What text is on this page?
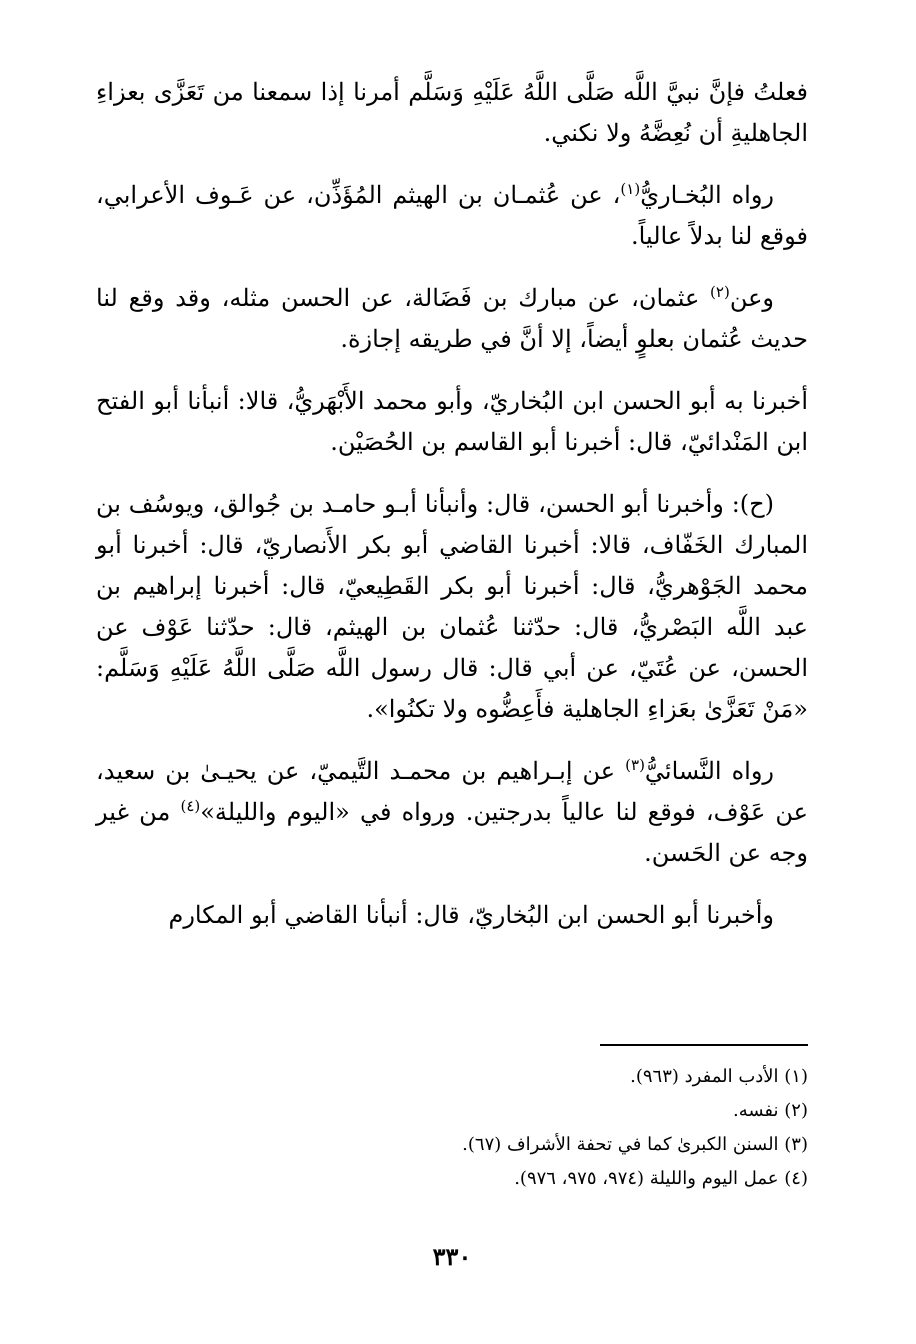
فعلتُ فإنَّ نبيَّ اللَّه صَلَّى اللَّهُ عَلَيْهِ وَسَلَّم أمرنا إذا سمعنا من تَعَزَّى بعزاءِ الجاهليةِ أن نُعِضَّهُ ولا نكني.

رواه البُخـاريُّ$^{(١)}$، عن عُثمـان بن الهيثم المُؤَذِّن، عن عَـوف الأعرابي، فوقع لنا بدلاً عالياً.

وعن$^{(٢)}$ عثمان، عن مبارك بن فَضَالة، عن الحسن مثله، وقد وقع لنا حديث عُثمان بعلوٍ أيضاً، إلا أنَّ في طريقه إجازة.

أخبرنا به أبو الحسن ابن البُخاريّ، وأبو محمد الأَبْهَريُّ، قالا: أنبأنا أبو الفتح ابن المَنْدائيّ، قال: أخبرنا أبو القاسم بن الحُصَيْن.

(ح): وأخبرنا أبو الحسن، قال: وأنبأنا أبـو حامـد بن جُوالق، ويوسُف بن المبارك الخَفّاف، قالا: أخبرنا القاضي أبو بكر الأَنصاريّ، قال: أخبرنا أبو محمد الجَوْهريُّ، قال: أخبرنا أبو بكر القَطِيعيّ، قال: أخبرنا إبراهيم بن عبد اللَّه البَصْريُّ، قال: حدّثنا عُثمان بن الهيثم، قال: حدّثنا عَوْف عن الحسن، عن عُتَيّ، عن أبي قال: قال رسول اللَّه صَلَّى اللَّهُ عَلَيْهِ وَسَلَّم: «مَنْ تَعَزَّىٰ بعَزاءِ الجاهلية فأَعِضُّوه ولا تكنُوا».

رواه النَّسائيُّ$^{(٣)}$ عن إبـراهيم بن محمـد التَّيميّ، عن يحيـىٰ بن سعيد، عن عَوْف، فوقع لنا عالياً بدرجتين. ورواه في «اليوم والليلة»$^{(٤)}$ من غير وجه عن الحَسن.

وأخبرنا أبو الحسن ابن البُخاريّ، قال: أنبأنا القاضي أبو المكارم

(١) الأدب المفرد (٩٦٣).

(٢) نفسه.

(٣) السنن الكبرىٰ كما في تحفة الأشراف (٦٧).

(٤) عمل اليوم والليلة (٩٧٤، ٩٧٥، ٩٧٦).

٣٣٠
